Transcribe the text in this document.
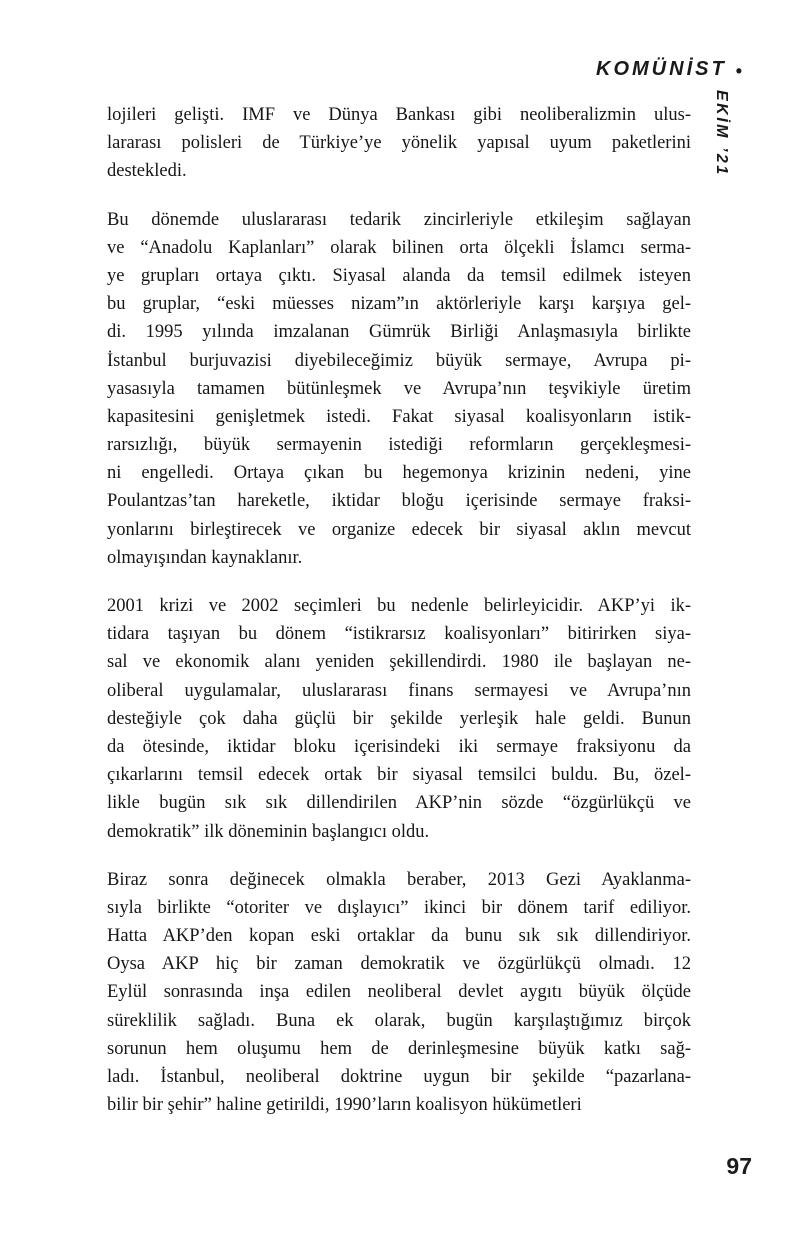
KOMÜNİST •
EKİM ’21
lojileri gelişti. IMF ve Dünya Bankası gibi neoliberalizmin ulus-
lararası polisleri de Türkiye’ye yönelik yapısal uyum paketlerini
destekledi.
Bu dönemde uluslararası tedarik zincirleriyle etkileşim sağlayan
ve “Anadolu Kaplanları” olarak bilinen orta ölçekli İslamcı serma-
ye grupları ortaya çıktı. Siyasal alanda da temsil edilmek isteyen
bu gruplar, “eski müesses nizam”ın aktörleriyle karşı karşıya gel-
di. 1995 yılında imzalanan Gümrük Birliği Anlaşmasıyla birlikte
İstanbul burjuvazisi diyebileceğimiz büyük sermaye, Avrupa pi-
yasasıyla tamamen bütünleşmek ve Avrupa’nın teşvikiyle üretim
kapasitesini genişletmek istedi. Fakat siyasal koalisyonların istik-
rarsızlığı, büyük sermayenin istediği reformların gerçekleşmesi-
ni engelledi. Ortaya çıkan bu hegemonya krizinin nedeni, yine
Poulantzas’tan hareketle, iktidar bloğu içerisinde sermaye fraksi-
yonlarını birleştirecek ve organize edecek bir siyasal aklın mevcut
olmayışından kaynaklanır.
2001 krizi ve 2002 seçimleri bu nedenle belirleyicidir. AKP’yi ik-
tidara taşıyan bu dönem “istikrarsız koalisyonları” bitirirken siya-
sal ve ekonomik alanı yeniden şekillendirdi. 1980 ile başlayan ne-
oliberal uygulamalar, uluslararası finans sermayesi ve Avrupa’nın
desteğiyle çok daha güçlü bir şekilde yerleşik hale geldi. Bunun
da ötesinde, iktidar bloku içerisindeki iki sermaye fraksiyonu da
çıkarlarını temsil edecek ortak bir siyasal temsilci buldu. Bu, özel-
likle bugün sık sık dillendirilen AKP’nin sözde “özgürlükçü ve
demokratik” ilk döneminin başlangıcı oldu.
Biraz sonra değinecek olmakla beraber, 2013 Gezi Ayaklanma-
sıyla birlikte “otoriter ve dışlayıcı” ikinci bir dönem tarif ediliyor.
Hatta AKP’den kopan eski ortaklar da bunu sık sık dillendiriyor.
Oysa AKP hiç bir zaman demokratik ve özgürlükçü olmadı. 12
Eylül sonrasında inşa edilen neoliberal devlet aygıtı büyük ölçüde
süreklilik sağladı. Buna ek olarak, bugün karşılaştığımız birçok
sorunun hem oluşumu hem de derinleşmesine büyük katkı sağ-
ladı. İstanbul, neoliberal doktrine uygun bir şekilde “pazarlana-
bilir bir şehir” haline getirildi, 1990’ların koalisyon hükümetleri
97
